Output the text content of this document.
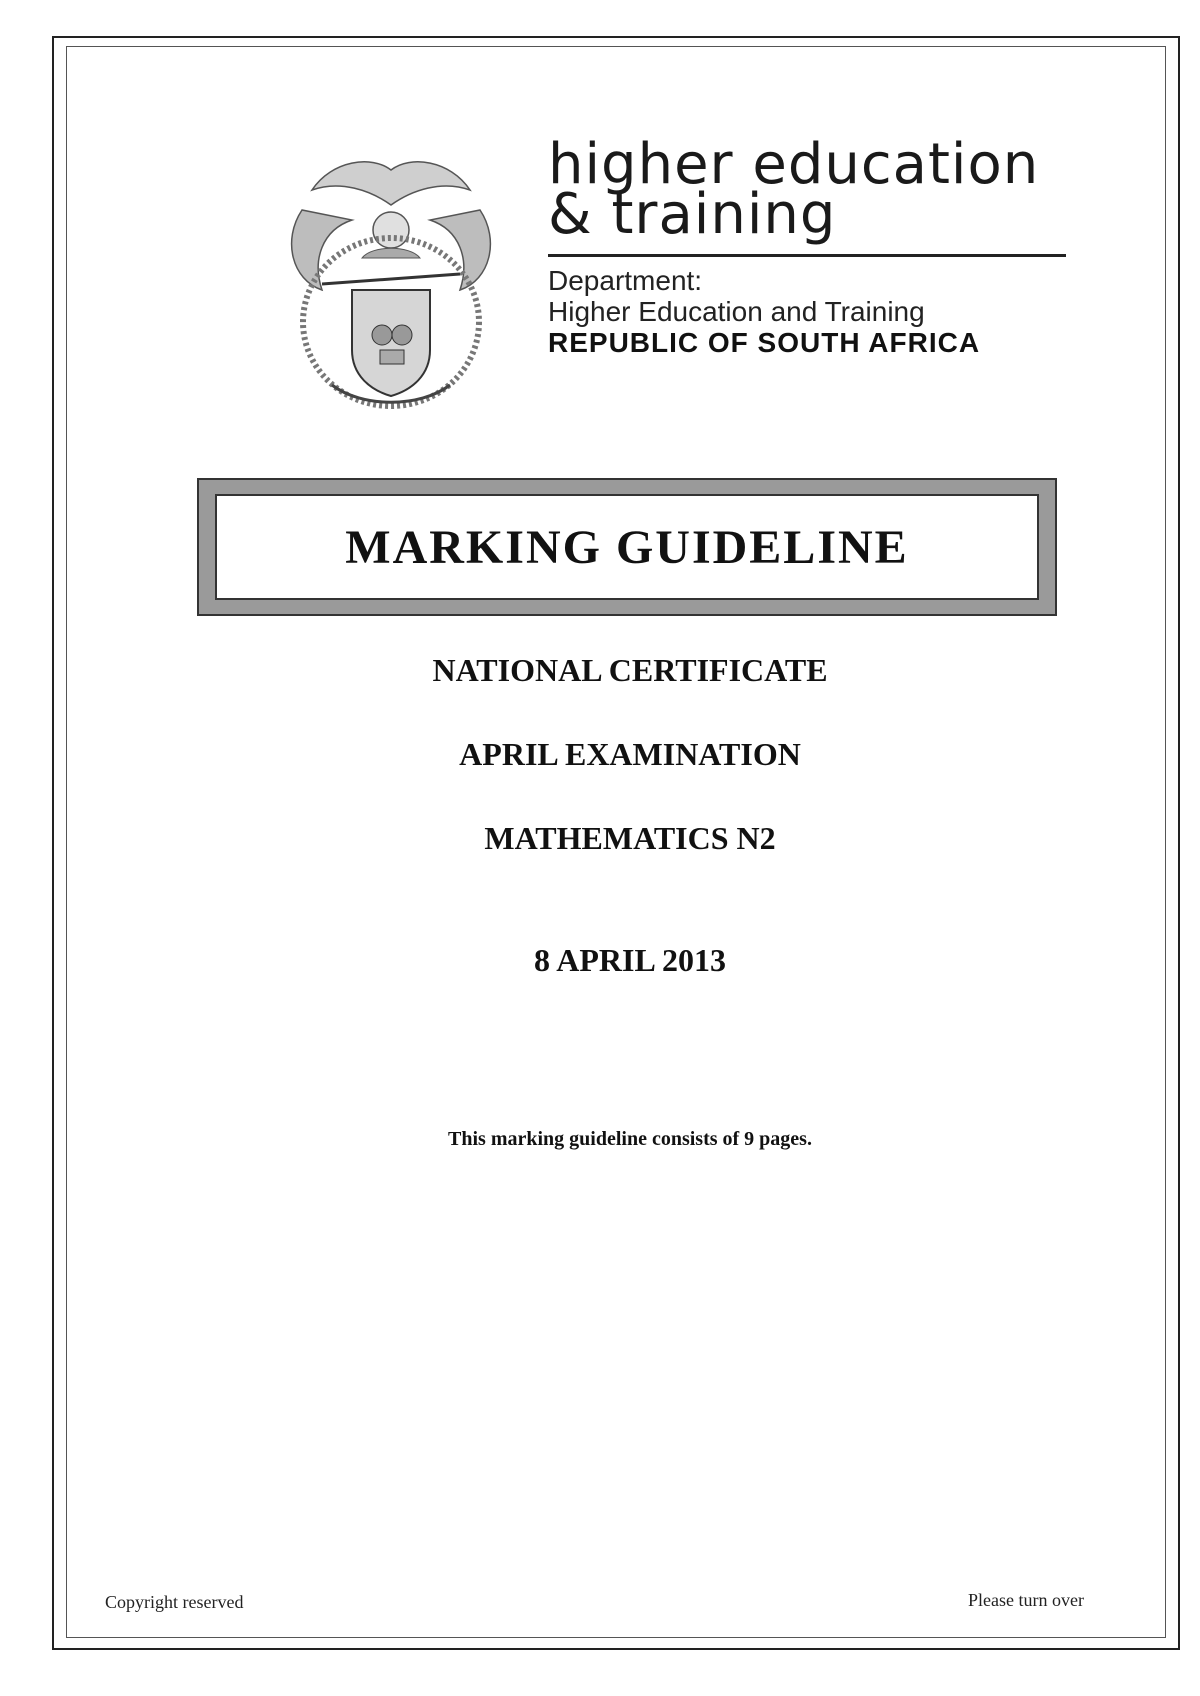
higher education
& training
Department:
Higher Education and Training
REPUBLIC OF SOUTH AFRICA
MARKING GUIDELINE
NATIONAL CERTIFICATE
APRIL EXAMINATION
MATHEMATICS N2
8 APRIL 2013
This marking guideline consists of 9 pages.
Copyright reserved	Please turn over
